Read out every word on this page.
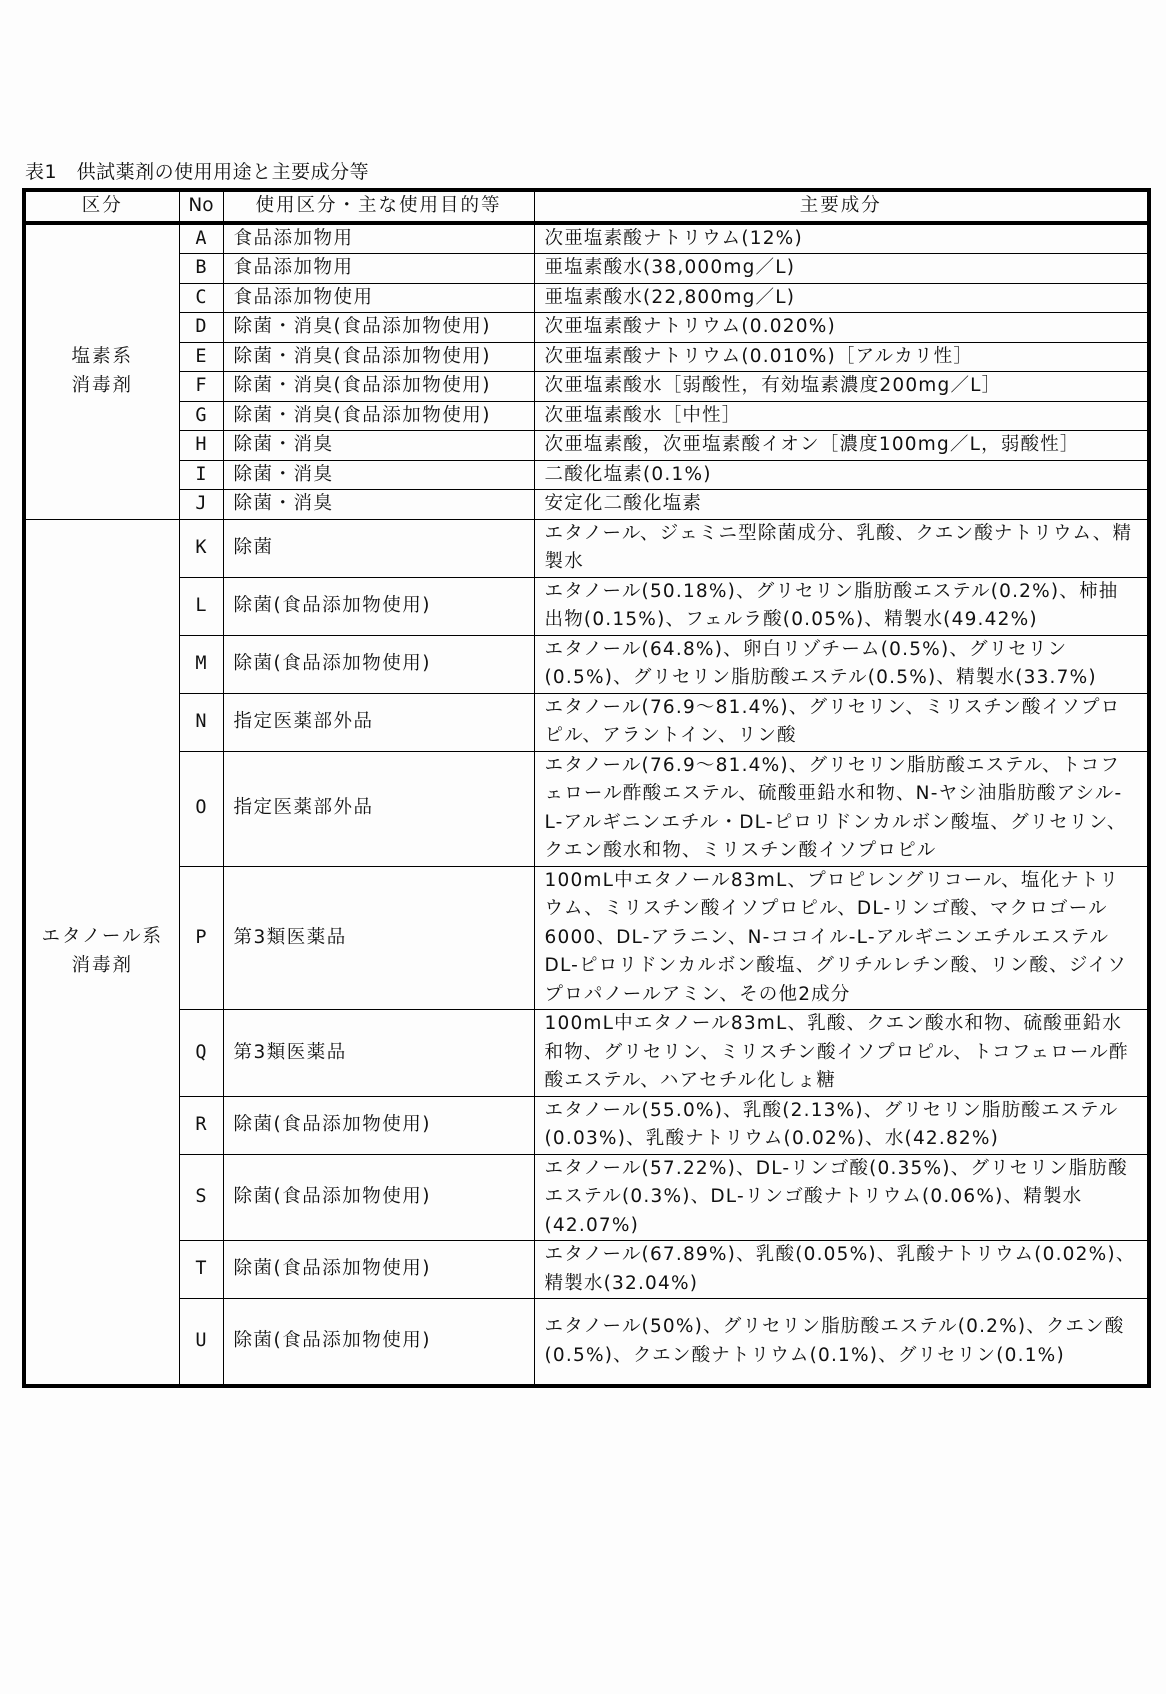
表1　供試薬剤の使用用途と主要成分等
区分	No	使用区分・主な使用目的等	主要成分

塩素系
消毒剤	A	食品添加物用	次亜塩素酸ナトリウム(12%)
	B	食品添加物用	亜塩素酸水(38,000mg／L)
	C	食品添加物使用	亜塩素酸水(22,800mg／L)
	D	除菌・消臭(食品添加物使用)	次亜塩素酸ナトリウム(0.020%)
	E	除菌・消臭(食品添加物使用)	次亜塩素酸ナトリウム(0.010%)［アルカリ性］
	F	除菌・消臭(食品添加物使用)	次亜塩素酸水［弱酸性，有効塩素濃度200mg／L］
	G	除菌・消臭(食品添加物使用)	次亜塩素酸水［中性］
	H	除菌・消臭	次亜塩素酸，次亜塩素酸イオン［濃度100mg／L，弱酸性］
	I	除菌・消臭	二酸化塩素(0.1%)
	J	除菌・消臭	安定化二酸化塩素

エタノール系
消毒剤	K	除菌	エタノール、ジェミニ型除菌成分、乳酸、クエン酸ナトリウム、精製水
	L	除菌(食品添加物使用)	エタノール(50.18%)、グリセリン脂肪酸エステル(0.2%)、柿抽出物(0.15%)、フェルラ酸(0.05%)、精製水(49.42%)
	M	除菌(食品添加物使用)	エタノール(64.8%)、卵白リゾチーム(0.5%)、グリセリン(0.5%)、グリセリン脂肪酸エステル(0.5%)、精製水(33.7%)
	N	指定医薬部外品	エタノール(76.9～81.4%)、グリセリン、ミリスチン酸イソプロピル、アラントイン、リン酸
	O	指定医薬部外品	エタノール(76.9～81.4%)、グリセリン脂肪酸エステル、トコフェロール酢酸エステル、硫酸亜鉛水和物、N-ヤシ油脂肪酸アシル-L-アルギニンエチル・DL-ピロリドンカルボン酸塩、グリセリン、クエン酸水和物、ミリスチン酸イソプロピル
	P	第3類医薬品	100mL中エタノール83mL、プロピレングリコール、塩化ナトリウム、ミリスチン酸イソプロピル、DL-リンゴ酸、マクロゴール6000、DL-アラニン、N-ココイル-L-アルギニンエチルエステルDL-ピロリドンカルボン酸塩、グリチルレチン酸、リン酸、ジイソプロパノールアミン、その他2成分
	Q	第3類医薬品	100mL中エタノール83mL、乳酸、クエン酸水和物、硫酸亜鉛水和物、グリセリン、ミリスチン酸イソプロピル、トコフェロール酢酸エステル、ハアセチル化しょ糖
	R	除菌(食品添加物使用)	エタノール(55.0%)、乳酸(2.13%)、グリセリン脂肪酸エステル(0.03%)、乳酸ナトリウム(0.02%)、水(42.82%)
	S	除菌(食品添加物使用)	エタノール(57.22%)、DL-リンゴ酸(0.35%)、グリセリン脂肪酸エステル(0.3%)、DL-リンゴ酸ナトリウム(0.06%)、精製水(42.07%)
	T	除菌(食品添加物使用)	エタノール(67.89%)、乳酸(0.05%)、乳酸ナトリウム(0.02%)、精製水(32.04%)
	U	除菌(食品添加物使用)	エタノール(50%)、グリセリン脂肪酸エステル(0.2%)、クエン酸(0.5%)、クエン酸ナトリウム(0.1%)、グリセリン(0.1%)
